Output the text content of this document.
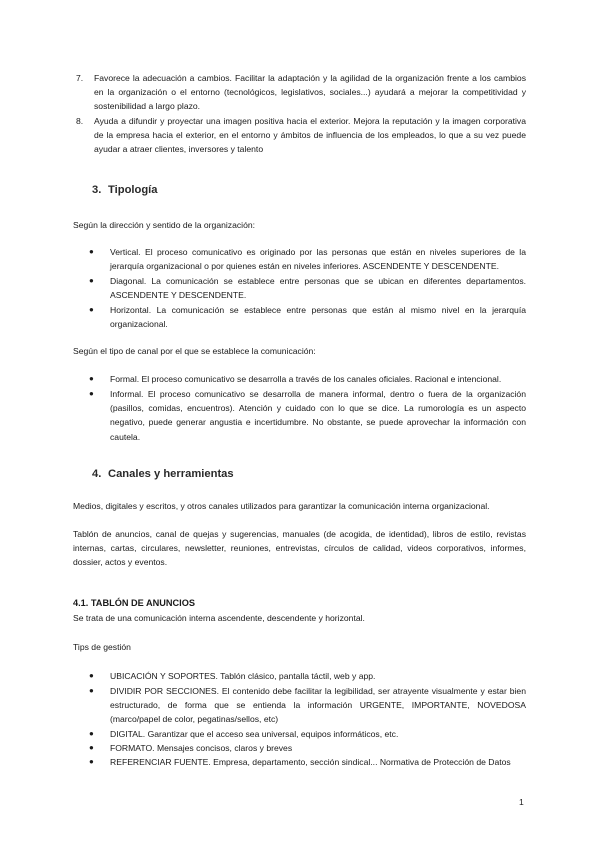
7. Favorece la adecuación a cambios. Facilitar la adaptación y la agilidad de la organización frente a los cambios en la organización o el entorno (tecnológicos, legislativos, sociales...) ayudará a mejorar la competitividad y sostenibilidad a largo plazo.
8. Ayuda a difundir y proyectar una imagen positiva hacia el exterior. Mejora la reputación y la imagen corporativa de la empresa hacia el exterior, en el entorno y ámbitos de influencia de los empleados, lo que a su vez puede ayudar a atraer clientes, inversores y talento
3. Tipología

Según la dirección y sentido de la organización:

● Vertical. El proceso comunicativo es originado por las personas que están en niveles superiores de la jerarquía organizacional o por quienes están en niveles inferiores. ASCENDENTE Y DESCENDENTE.
● Diagonal. La comunicación se establece entre personas que se ubican en diferentes departamentos. ASCENDENTE Y DESCENDENTE.
● Horizontal. La comunicación se establece entre personas que están al mismo nivel en la jerarquía organizacional.

Según el tipo de canal por el que se establece la comunicación:

● Formal. El proceso comunicativo se desarrolla a través de los canales oficiales. Racional e intencional.
● Informal. El proceso comunicativo se desarrolla de manera informal, dentro o fuera de la organización (pasillos, comidas, encuentros). Atención y cuidado con lo que se dice. La rumorología es un aspecto negativo, puede generar angustia e incertidumbre. No obstante, se puede aprovechar la información con cautela.
4. Canales y herramientas

Medios, digitales y escritos, y otros canales utilizados para garantizar la comunicación interna organizacional.

Tablón de anuncios, canal de quejas y sugerencias, manuales (de acogida, de identidad), libros de estilo, revistas internas, cartas, circulares, newsletter, reuniones, entrevistas, círculos de calidad, videos corporativos, informes, dossier, actos y eventos.

4.1. TABLÓN DE ANUNCIOS

Se trata de una comunicación interna ascendente, descendente y horizontal.

Tips de gestión

● UBICACIÓN Y SOPORTES. Tablón clásico, pantalla táctil, web y app.
● DIVIDIR POR SECCIONES. El contenido debe facilitar la legibilidad, ser atrayente visualmente y estar bien estructurado, de forma que se entienda la información URGENTE, IMPORTANTE, NOVEDOSA (marco/papel de color, pegatinas/sellos, etc)
● DIGITAL. Garantizar que el acceso sea universal, equipos informáticos, etc.
● FORMATO. Mensajes concisos, claros y breves
● REFERENCIAR FUENTE. Empresa, departamento, sección sindical... Normativa de Protección de Datos
1
